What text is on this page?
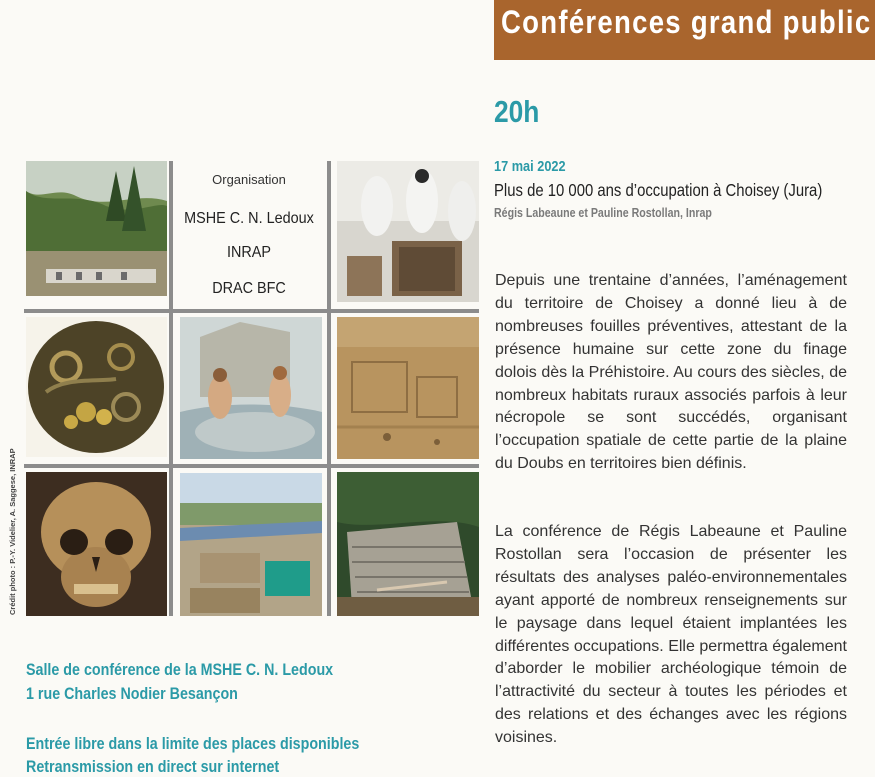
Conférences grand public
20h
17 mai 2022
Plus de 10 000 ans d’occupation à Choisey (Jura)
Régis Labeaune et Pauline Rostollan, Inrap

Depuis une trentaine d’années, l’aménagement du territoire de Choisey a donné lieu à de nombreuses fouilles préventives, attestant de la présence humaine sur cette zone du finage dolois dès la Préhistoire. Au cours des siècles, de nombreux habitats ruraux associés parfois à leur nécropole se sont succédés, organisant l’occupation spatiale de cette partie de la plaine du Doubs en territoires bien définis.

La conférence de Régis Labeaune et Pauline Rostollan sera l’occasion de présenter les résultats des analyses paléo-environnementales ayant apporté de nombreux renseignements sur le paysage dans lequel étaient implantées les différentes occupations. Elle permettra également d’aborder le mobilier archéologique témoin de l’attractivité du secteur à toutes les périodes et des relations et des échanges avec les régions voisines.

Organisation
MSHE C. N. Ledoux
INRAP
DRAC BFC
Crédit photo : P.-Y. Videlier, A. Saggese, INRAP
Salle de conférence de la MSHE C. N. Ledoux
1 rue Charles Nodier Besançon
Entrée libre dans la limite des places disponibles
Retransmission en direct sur internet
